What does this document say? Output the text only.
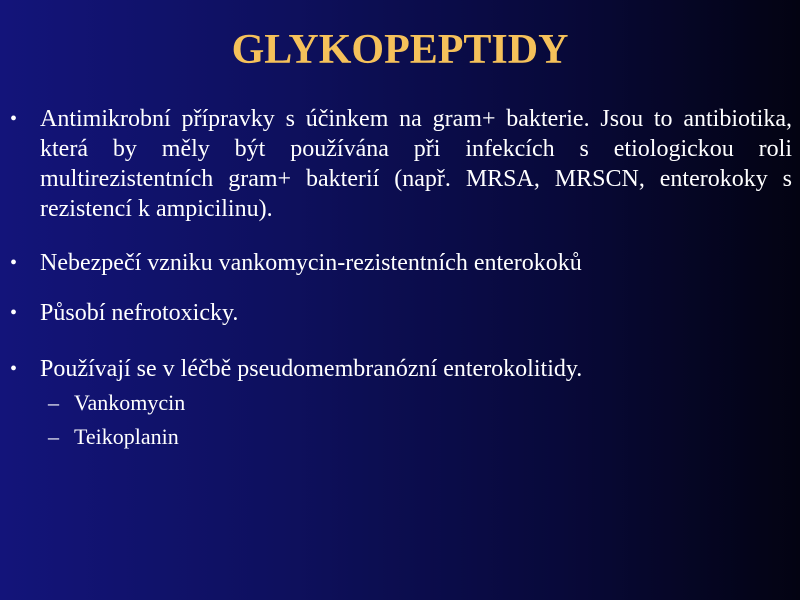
GLYKOPEPTIDY
• Antimikrobní přípravky s účinkem na gram+ bakterie. Jsou to antibiotika, která by měly být používána při infekcích s etiologickou roli multirezistentních gram+ bakterií (např. MRSA, MRSCN, enterokoky s rezistencí k ampicilinu).
• Nebezpečí vzniku vankomycin-rezistentních enterokoků
• Působí nefrotoxicky.
• Používají se v léčbě pseudomembranózní enterokolitidy.
– Vankomycin
– Teikoplanin
